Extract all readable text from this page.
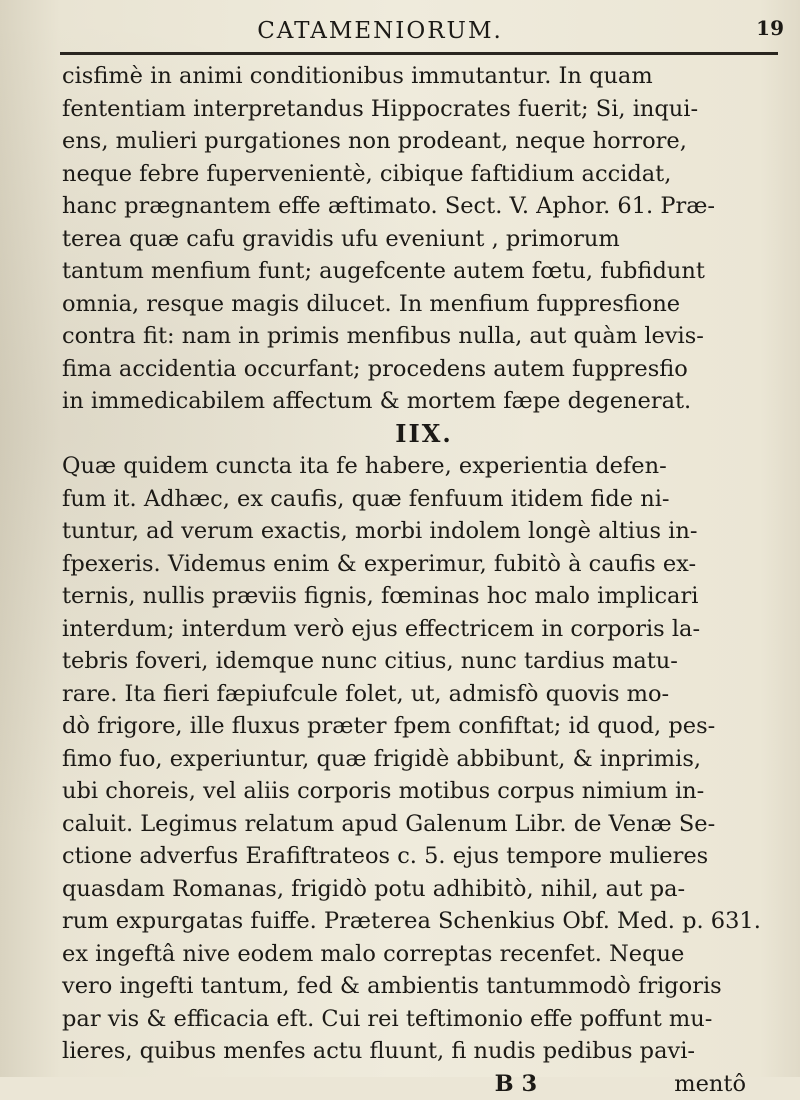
CATAMENIORUM.	19
cisfimè in animi conditionibus immutantur. In quam
fententiam interpretandus Hippocrates fuerit; Si, inqui-
ens, mulieri purgationes non prodeant, neque horrore,
neque febre fupervenientè, cibique faftidium accidat,
hanc prægnantem effe æftimato. Sect. V. Aphor. 61. Præ-
terea quæ cafu gravidis ufu eveniunt , primorum
tantum menfium funt; augefcente autem fœtu, fubfidunt
omnia, resque magis dilucet. In menfium fuppresfione
contra fit: nam in primis menfibus nulla, aut quàm levis-
fima accidentia occurfant; procedens autem fuppresfio
in immedicabilem affectum & mortem fæpe degenerat.
IIX.
Quæ quidem cuncta ita fe habere, experientia defen-
fum it. Adhæc, ex caufis, quæ fenfuum itidem fide ni-
tuntur, ad verum exactis, morbi indolem longè altius in-
fpexeris. Videmus enim & experimur, fubitò à caufis ex-
ternis, nullis præviis fignis, fœminas hoc malo implicari
interdum; interdum verò ejus effectricem in corporis la-
tebris foveri, idemque nunc citius, nunc tardius matu-
rare. Ita fieri fæpiufcule folet, ut, admisfò quovis mo-
dò frigore, ille fluxus præter fpem confiftat; id quod, pes-
fimo fuo, experiuntur, quæ frigidè abbibunt, & inprimis,
ubi choreis, vel aliis corporis motibus corpus nimium in-
caluit. Legimus relatum apud Galenum Libr. de Venæ Se-
ctione adverfus Erafiftrateos c. 5. ejus tempore mulieres
quasdam Romanas, frigidò potu adhibitò, nihil, aut pa-
rum expurgatas fuiffe. Præterea Schenkius Obf. Med. p. 631.
ex ingeftâ nive eodem malo correptas recenfet. Neque
vero ingefti tantum, fed & ambientis tantummodò frigoris
par vis & efficacia eft. Cui rei teftimonio effe poffunt mu-
lieres, quibus menfes actu fluunt, fi nudis pedibus pavi-
B 3	mentô
